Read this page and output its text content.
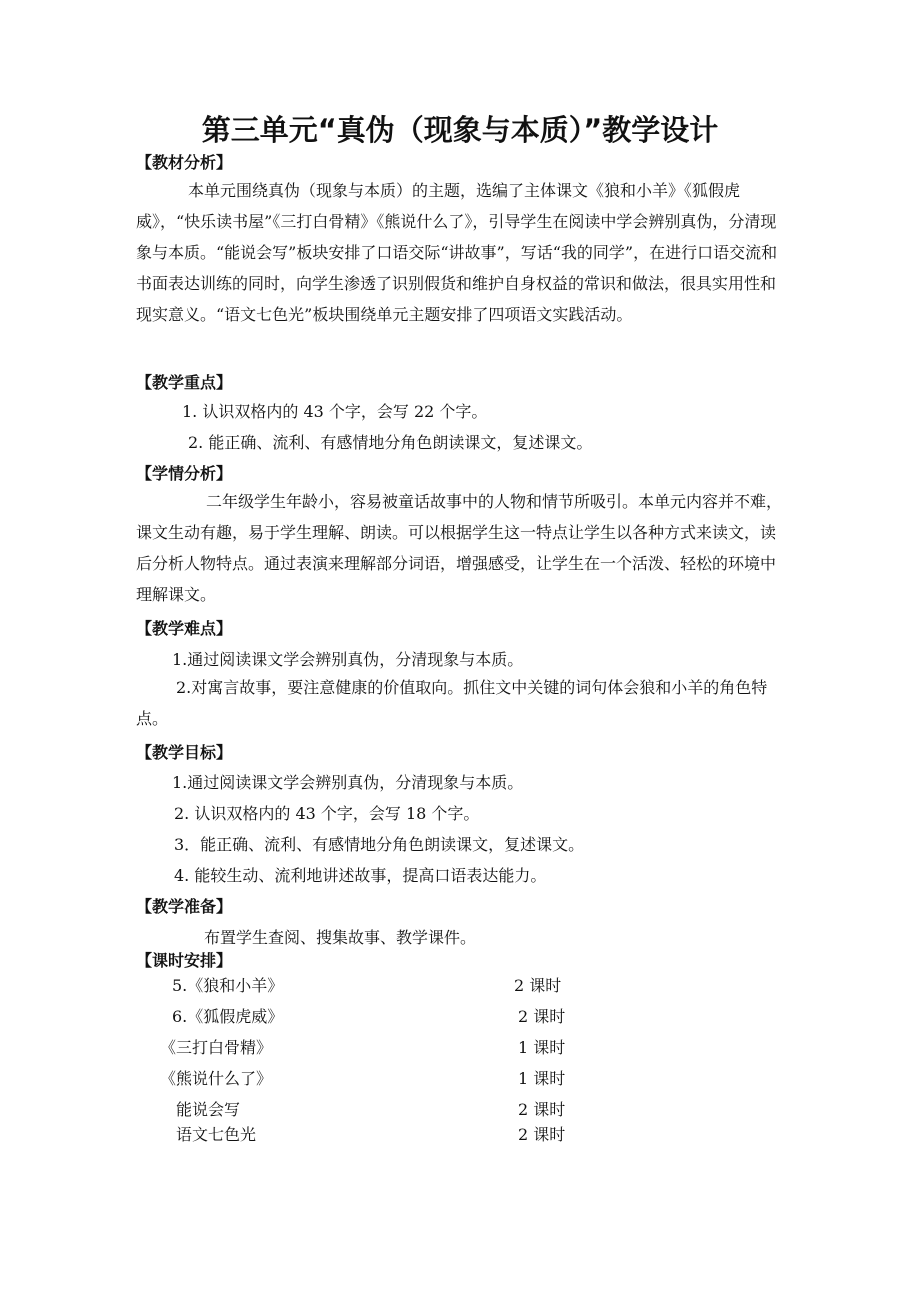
第三单元“真伪（现象与本质）”教学设计
【教材分析】
本单元围绕真伪（现象与本质）的主题，选编了主体课文《狼和小羊》《狐假虎威》，“快乐读书屋”《三打白骨精》《熊说什么了》，引导学生在阅读中学会辨别真伪，分清现象与本质。“能说会写”板块安排了口语交际“讲故事”，写话“我的同学”，在进行口语交流和书面表达训练的同时，向学生渗透了识别假货和维护自身权益的常识和做法，很具实用性和现实意义。“语文七色光”板块围绕单元主题安排了四项语文实践活动。
【教学重点】
1. 认识双格内的 43 个字，会写 22 个字。
2. 能正确、流利、有感情地分角色朗读课文，复述课文。
【学情分析】
二年级学生年龄小，容易被童话故事中的人物和情节所吸引。本单元内容并不难，课文生动有趣，易于学生理解、朗读。可以根据学生这一特点让学生以各种方式来读文，读后分析人物特点。通过表演来理解部分词语，增强感受，让学生在一个活泼、轻松的环境中理解课文。
【教学难点】
1.通过阅读课文学会辨别真伪，分清现象与本质。
2.对寓言故事，要注意健康的价值取向。抓住文中关键的词句体会狼和小羊的角色特点。
【教学目标】
1.通过阅读课文学会辨别真伪，分清现象与本质。
2. 认识双格内的 43 个字，会写 18 个字。
3．能正确、流利、有感情地分角色朗读课文，复述课文。
4. 能较生动、流利地讲述故事，提高口语表达能力。
【教学准备】
布置学生查阅、搜集故事、教学课件。
【课时安排】
5.《狼和小羊》	2 课时
6.《狐假虎威》	2 课时
《三打白骨精》	1 课时
《熊说什么了》	1 课时
能说会写	2 课时
语文七色光	2 课时
